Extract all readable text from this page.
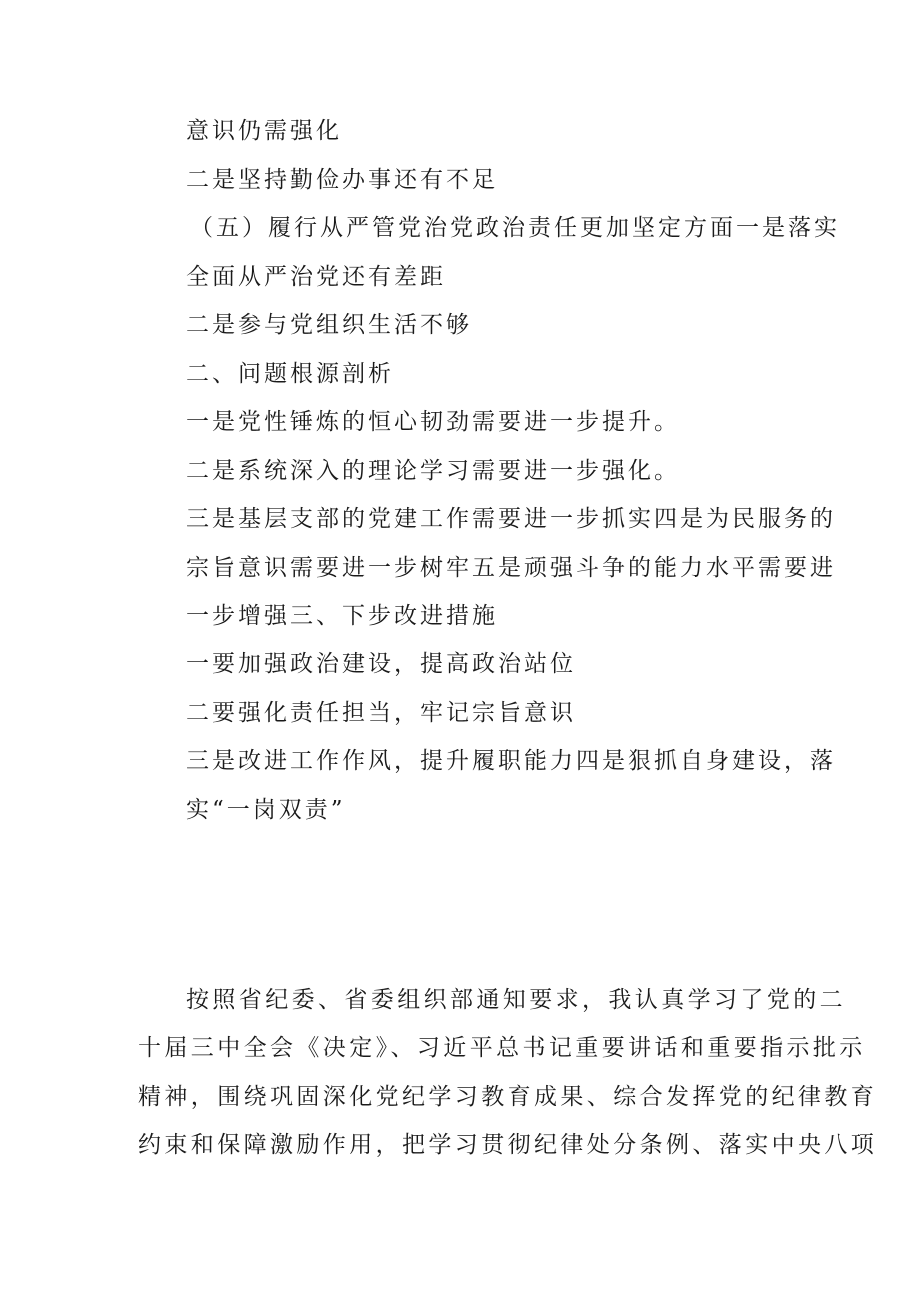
意识仍需强化
二是坚持勤俭办事还有不足
（五）履行从严管党治党政治责任更加坚定方面一是落实
全面从严治党还有差距
二是参与党组织生活不够
二、问题根源剖析
一是党性锤炼的恒心韧劲需要进一步提升。
二是系统深入的理论学习需要进一步强化。
三是基层支部的党建工作需要进一步抓实四是为民服务的
宗旨意识需要进一步树牢五是顽强斗争的能力水平需要进
一步增强三、下步改进措施
一要加强政治建设，提高政治站位
二要强化责任担当，牢记宗旨意识
三是改进工作作风，提升履职能力四是狠抓自身建设，落
实“一岗双责”
按照省纪委、省委组织部通知要求，我认真学习了党的二
十届三中全会《决定》、习近平总书记重要讲话和重要指示批示
精神，围绕巩固深化党纪学习教育成果、综合发挥党的纪律教育
约束和保障激励作用，把学习贯彻纪律处分条例、落实中央八项
